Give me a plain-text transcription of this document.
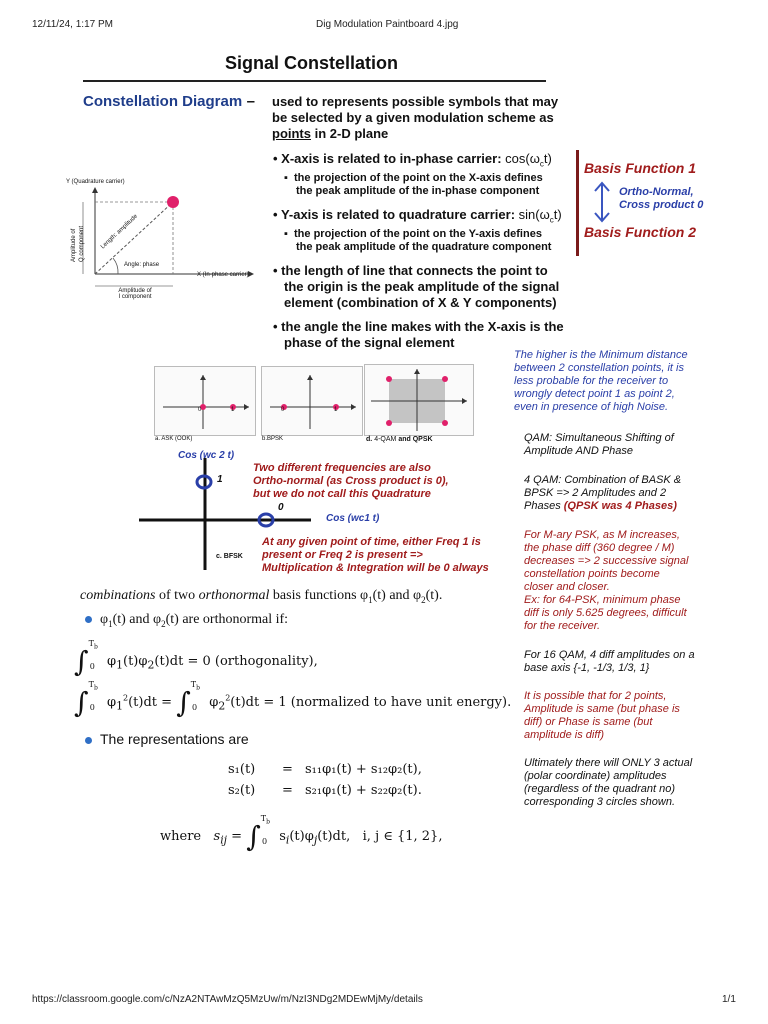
12/11/24, 1:17 PM	Dig Modulation Paintboard 4.jpg
Signal Constellation
Constellation Diagram – used to represents possible symbols that may
be selected by a given modulation scheme as
points in 2-D plane
• X-axis is related to in-phase carrier: $\cos(\omega_ct)$
▪  the projection of the point on the X-axis defines
the peak amplitude of the in-phase component
• Y-axis is related to quadrature carrier: $\sin(\omega_ct)$
▪  the projection of the point on the Y-axis defines
the peak amplitude of the quadrature component
• the length of line that connects the point to
the origin is the peak amplitude of the signal
element (combination of X & Y components)
• the angle the line makes with the X-axis is the
phase of the signal element
Basis Function 1
Basis Function 2
Ortho-Normal,
Cross product 0
Y (Quadrature carrier)
X (In-phase carrier)
Length: amplitude
Angle: phase
Amplitude of Q component
Amplitude of
I component
0	1
a. ASK (OOK)
0	1
b.BPSK	d. 4-QAM and QPSK
Cos (wc 2 t)
1
0
Cos (wc1 t)
c. BFSK
Two different frequencies are also
Ortho-normal (as Cross product is 0),
but we do not call this Quadrature
At any given point of time, either Freq 1 is
present or Freq 2 is present =>
Multiplication & Integration will be 0 always
The higher is the Minimum distance
between 2 constellation points, it is
less probable for the receiver to
wrongly detect point 1 as point 2,
even in presence of high Noise.
QAM: Simultaneous Shifting of
Amplitude AND Phase
4 QAM: Combination of BASK &
BPSK => 2 Amplitudes and 2
Phases (QPSK was 4 Phases)
For M-ary PSK, as M increases,
the phase diff (360 degree / M)
decreases => 2 successive signal
constellation points become
closer and closer.
Ex: for 64-PSK, minimum phase
diff is only 5.625 degrees, difficult
for the receiver.
For 16 QAM, 4 diff amplitudes on a
base axis {-1, -1/3, 1/3, 1}
It is possible that for 2 points,
Amplitude is same (but phase is
diff) or Phase is same (but
amplitude is diff)
Ultimately there will ONLY 3 actual
(polar coordinate) amplitudes
(regardless of the quadrant no)
corresponding 3 circles shown.
combinations of two orthonormal basis functions $\varphi_1(t)$ and $\varphi_2(t)$.
$\varphi_1(t)$ and $\varphi_2(t)$ are orthonormal if:
∫$^{T_b}_0$ $\varphi_1(t)\varphi_2(t)dt = 0$ (orthogonality),
∫$^{T_b}_0$ $\varphi_1^2(t)dt = \int^{T_b}_0$ $\varphi_2^2(t)dt = 1$ (normalized to have unit energy).
The representations are
s₁(t) = s₁₁φ₁(t) + s₁₂φ₂(t),
s₂(t) = s₂₁φ₁(t) + s₂₂φ₂(t).
where $s_{ij} = \int^{T_b}_0$ $s_i(t)\varphi_j(t)dt$,   i, j ∈ {1, 2},
https://classroom.google.com/c/NzA2NTAwMzQ5MzUw/m/NzI3NDg2MDEwMjMy/details	1/1
